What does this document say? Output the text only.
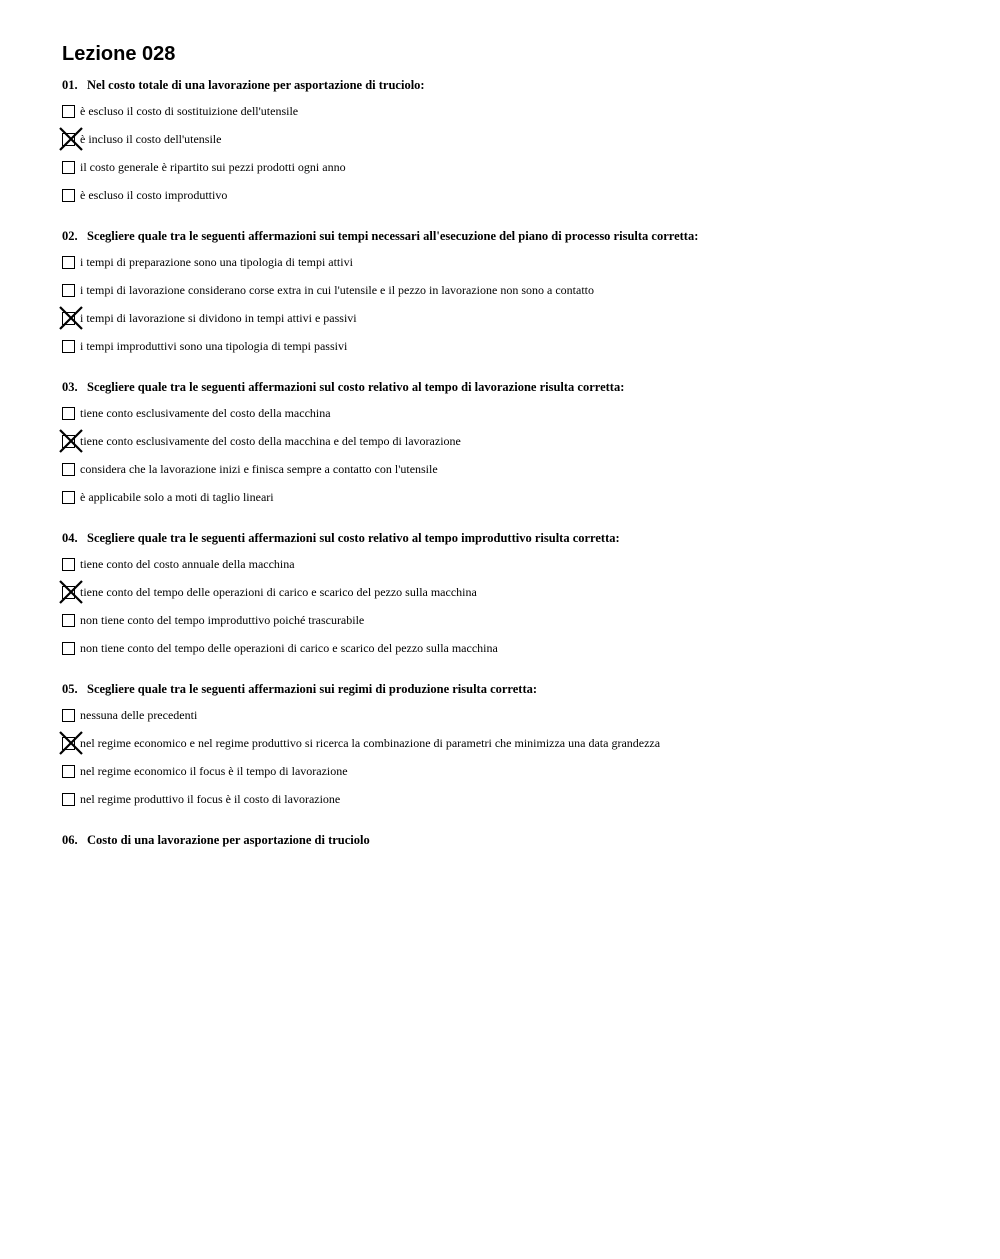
Lezione 028
01. Nel costo totale di una lavorazione per asportazione di truciolo:
è escluso il costo di sostituizione dell'utensile
è incluso il costo dell'utensile
il costo generale è ripartito sui pezzi prodotti ogni anno
è escluso il costo improduttivo
02. Scegliere quale tra le seguenti affermazioni sui tempi necessari all'esecuzione del piano di processo risulta corretta:
i tempi di preparazione sono una tipologia di tempi attivi
i tempi di lavorazione considerano corse extra in cui l'utensile e il pezzo in lavorazione non sono a contatto
i tempi di lavorazione si dividono in tempi attivi e passivi
i tempi improduttivi sono una tipologia di tempi passivi
03. Scegliere quale tra le seguenti affermazioni sul costo relativo al tempo di lavorazione risulta corretta:
tiene conto esclusivamente del costo della macchina
tiene conto esclusivamente del costo della macchina e del tempo di lavorazione
considera che la lavorazione inizi e finisca sempre a contatto con l'utensile
è applicabile solo a moti di taglio lineari
04. Scegliere quale tra le seguenti affermazioni sul costo relativo al tempo improduttivo risulta corretta:
tiene conto del costo annuale della macchina
tiene conto del tempo delle operazioni di carico e scarico del pezzo sulla macchina
non tiene conto del tempo improduttivo poiché trascurabile
non tiene conto del tempo delle operazioni di carico e scarico del pezzo sulla macchina
05. Scegliere quale tra le seguenti affermazioni sui regimi di produzione risulta corretta:
nessuna delle precedenti
nel regime economico e nel regime produttivo si ricerca la combinazione di parametri che minimizza una data grandezza
nel regime economico il focus è il tempo di lavorazione
nel regime produttivo il focus è il costo di lavorazione
06. Costo di una lavorazione per asportazione di truciolo
